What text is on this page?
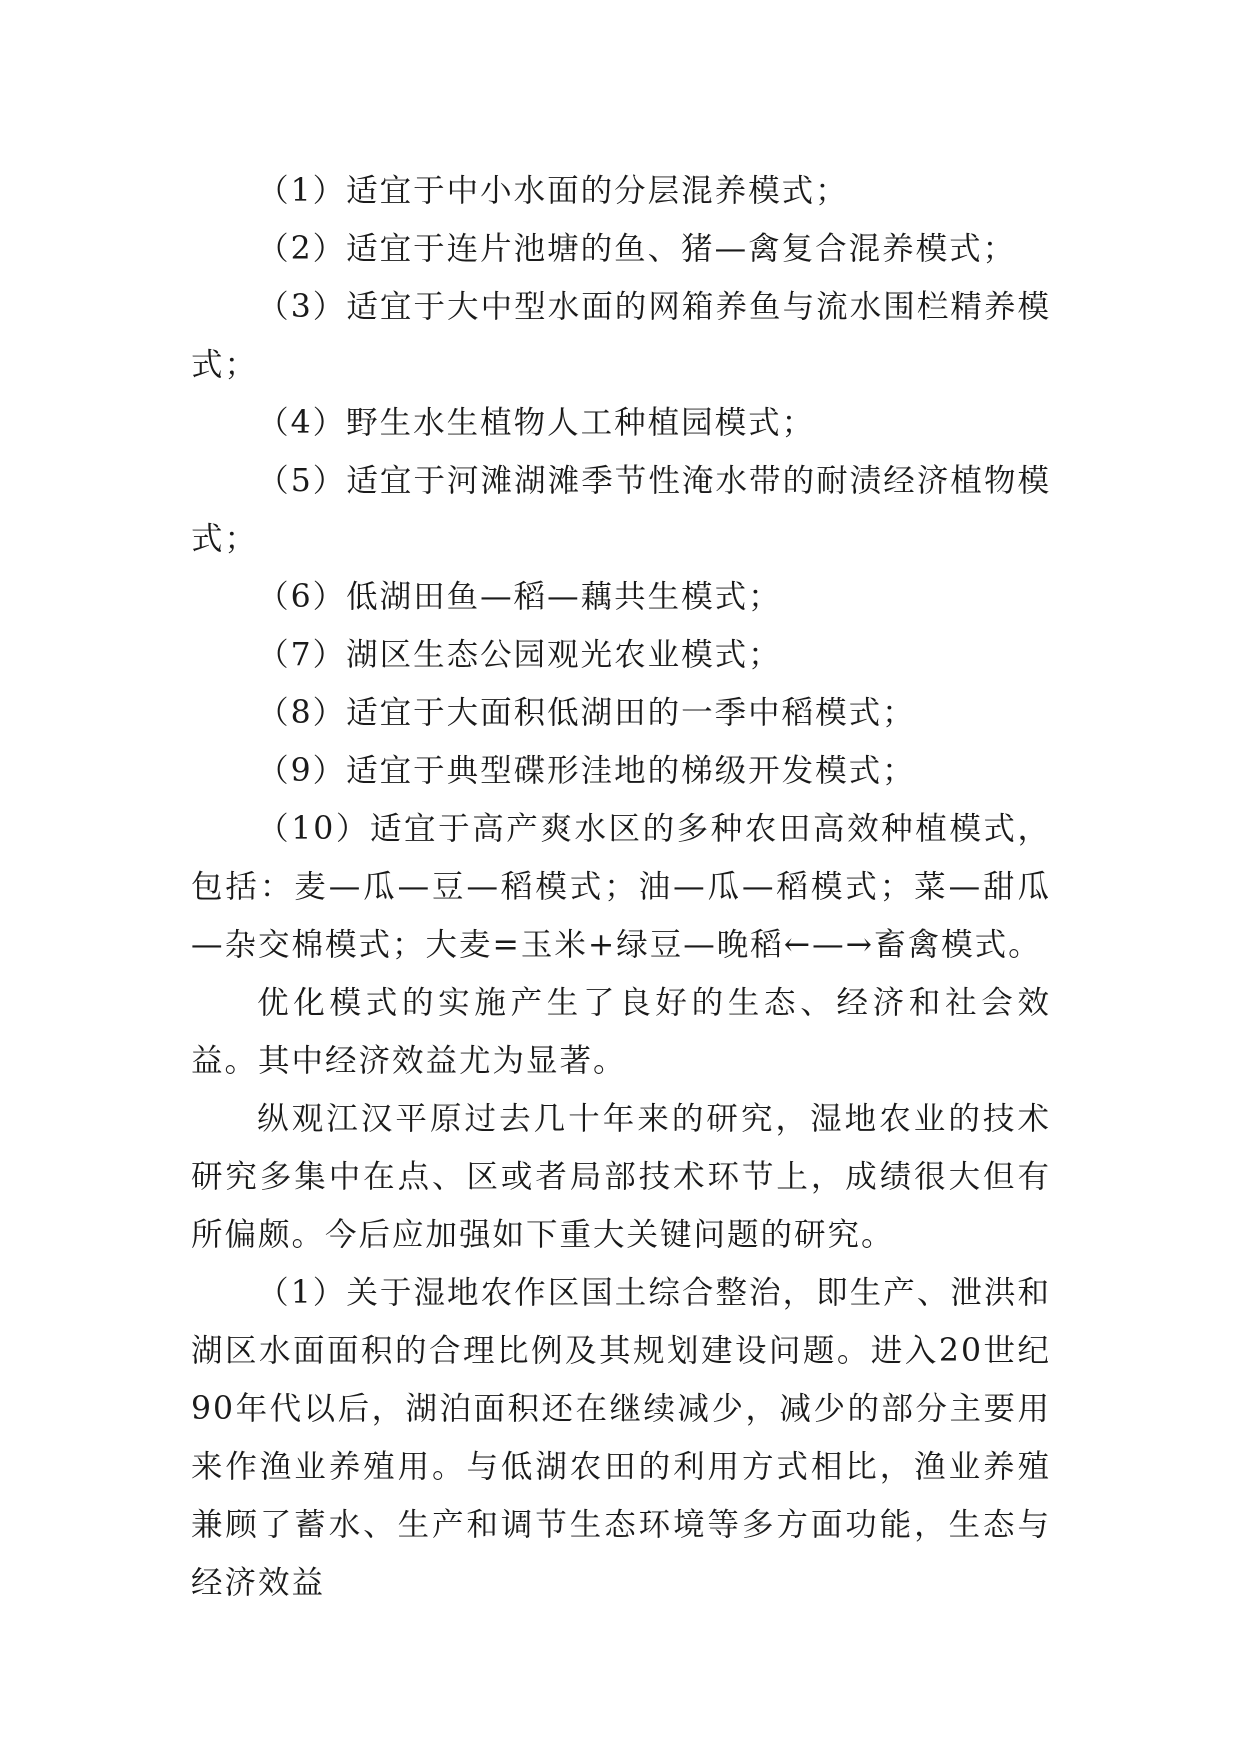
（1）适宜于中小水面的分层混养模式；

（2）适宜于连片池塘的鱼、猪—禽复合混养模式；

（3）适宜于大中型水面的网箱养鱼与流水围栏精养模式；

（4）野生水生植物人工种植园模式；

（5）适宜于河滩湖滩季节性淹水带的耐渍经济植物模式；

（6）低湖田鱼—稻—藕共生模式；

（7）湖区生态公园观光农业模式；

（8）适宜于大面积低湖田的一季中稻模式；

（9）适宜于典型碟形洼地的梯级开发模式；

（10）适宜于高产爽水区的多种农田高效种植模式，包括：麦—瓜—豆—稻模式；油—瓜—稻模式；菜—甜瓜—杂交棉模式；大麦=玉米+绿豆—晚稻←—→畜禽模式。

优化模式的实施产生了良好的生态、经济和社会效益。其中经济效益尤为显著。

纵观江汉平原过去几十年来的研究，湿地农业的技术研究多集中在点、区或者局部技术环节上，成绩很大但有所偏颇。今后应加强如下重大关键问题的研究。

（1）关于湿地农作区国土综合整治，即生产、泄洪和湖区水面面积的合理比例及其规划建设问题。进入20世纪90年代以后，湖泊面积还在继续减少，减少的部分主要用来作渔业养殖用。与低湖农田的利用方式相比，渔业养殖兼顾了蓄水、生产和调节生态环境等多方面功能，生态与经济效益
